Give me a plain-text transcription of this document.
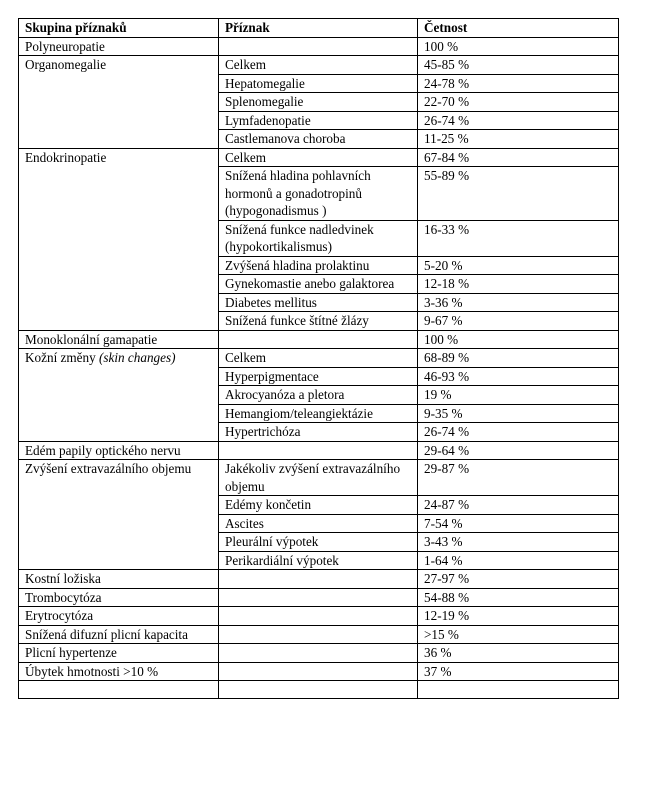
Skupina příznaků	Příznak	Četnost
Polyneuropatie		100 %
Organomegalie	Celkem	45-85 %
	Hepatomegalie	24-78 %
	Splenomegalie	22-70 %
	Lymfadenopatie	26-74 %
	Castlemanova choroba	11-25 %
Endokrinopatie	Celkem	67-84 %
	Snížená hladina pohlavních hormonů a gonadotropinů (hypogonadismus )	55-89 %
	Snížená funkce nadledvinek (hypokortikalismus)	16-33 %
	Zvýšená hladina prolaktinu	5-20 %
	Gynekomastie anebo galaktorea	12-18 %
	Diabetes mellitus	3-36 %
	Snížená funkce štítné žlázy	9-67 %
Monoklonální gamapatie		100 %
Kožní změny (skin changes)	Celkem	68-89 %
	Hyperpigmentace	46-93 %
	Akrocyanóza a pletora	19 %
	Hemangiom/teleangiektázie	9-35 %
	Hypertrichóza	26-74 %
Edém papily optického nervu		29-64 %
Zvýšení extravazálního objemu	Jakékoliv zvýšení extravazálního objemu	29-87 %
	Edémy končetin	24-87 %
	Ascites	7-54 %
	Pleurální výpotek	3-43 %
	Perikardiální výpotek	1-64 %
Kostní ložiska		27-97 %
Trombocytóza		54-88 %
Erytrocytóza		12-19 %
Snížená difuzní plicní kapacita		>15 %
Plicní hypertenze		36 %
Úbytek hmotnosti >10 %		37 %
